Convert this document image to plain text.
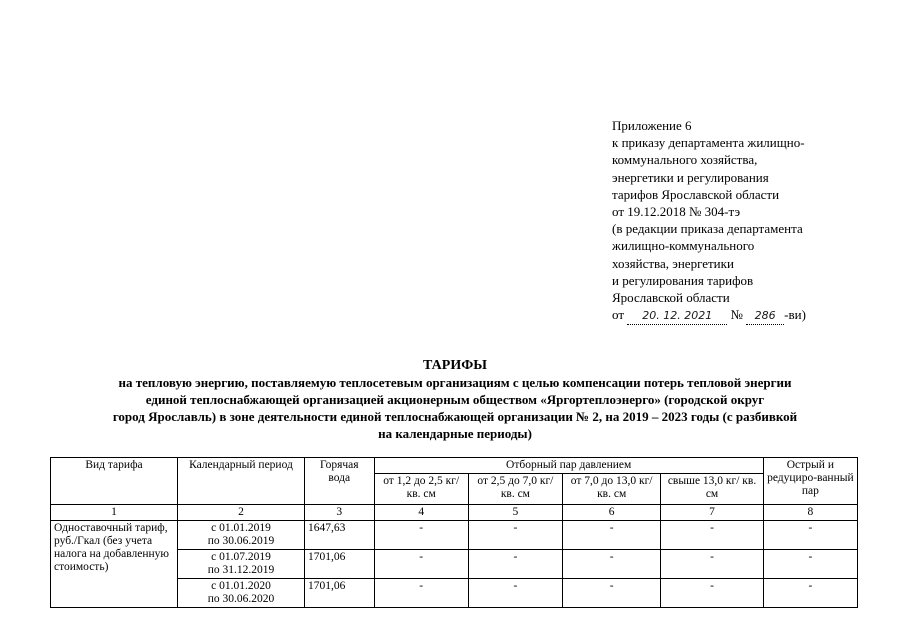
Приложение 6
к приказу департамента жилищно-
коммунального хозяйства,
энергетики и регулирования
тарифов Ярославской области
от 19.12.2018 № 304-тэ
(в редакции приказа департамента
жилищно-коммунального
хозяйства, энергетики
и регулирования тарифов
Ярославской области
от 20. 12. 2021 № 286 -ви)
ТАРИФЫ
на тепловую энергию, поставляемую теплосетевым организациям с целью компенсации потерь тепловой энергии
единой теплоснабжающей организацией акционерным обществом «Яргортеплоэнерго» (городской округ
город Ярославль) в зоне деятельности единой теплоснабжающей организации № 2, на 2019 – 2023 годы (с разбивкой
на календарные периоды)
Вид тарифа	Календарный период	Горячая вода	Отборный пар давлением				Острый и редуциро-ванный пар
			от 1,2 до 2,5 кг/ кв. см	от 2,5 до 7,0 кг/ кв. см	от 7,0 до 13,0 кг/ кв. см	свыше 13,0 кг/ кв. см	
1	2	3	4	5	6	7	8
Одноставочный тариф, руб./Гкал (без учета налога на добавленную стоимость)	с 01.01.2019
по 30.06.2019	1647,63	-	-	-	-	-

	с 01.07.2019
по 31.12.2019	1701,06	-	-	-	-	-

	с 01.01.2020
по 30.06.2020	1701,06	-	-	-	-	-
